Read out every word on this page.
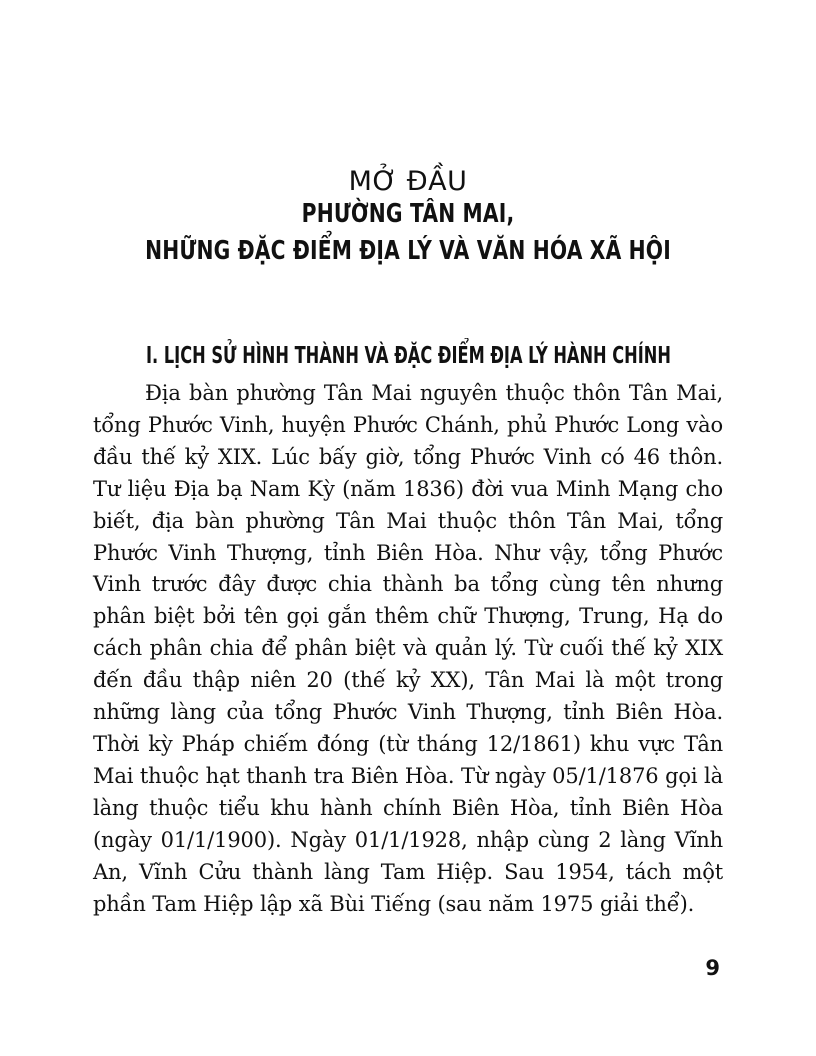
MỞ ĐẦU
PHƯỜNG TÂN MAI,
NHỮNG ĐẶC ĐIỂM ĐỊA LÝ VÀ VĂN HÓA XÃ HỘI
I. LỊCH SỬ HÌNH THÀNH VÀ ĐẶC ĐIỂM ĐỊA LÝ HÀNH CHÍNH

Địa bàn phường Tân Mai nguyên thuộc thôn Tân Mai, tổng Phước Vinh, huyện Phước Chánh, phủ Phước Long vào đầu thế kỷ XIX. Lúc bấy giờ, tổng Phước Vinh có 46 thôn. Tư liệu Địa bạ Nam Kỳ (năm 1836) đời vua Minh Mạng cho biết, địa bàn phường Tân Mai thuộc thôn Tân Mai, tổng Phước Vinh Thượng, tỉnh Biên Hòa. Như vậy, tổng Phước Vinh trước đây được chia thành ba tổng cùng tên nhưng phân biệt bởi tên gọi gắn thêm chữ Thượng, Trung, Hạ do cách phân chia để phân biệt và quản lý. Từ cuối thế kỷ XIX đến đầu thập niên 20 (thế kỷ XX), Tân Mai là một trong những làng của tổng Phước Vinh Thượng, tỉnh Biên Hòa. Thời kỳ Pháp chiếm đóng (từ tháng 12/1861) khu vực Tân Mai thuộc hạt thanh tra Biên Hòa. Từ ngày 05/1/1876 gọi là làng thuộc tiểu khu hành chính Biên Hòa, tỉnh Biên Hòa (ngày 01/1/1900). Ngày 01/1/1928, nhập cùng 2 làng Vĩnh An, Vĩnh Cửu thành làng Tam Hiệp. Sau 1954, tách một phần Tam Hiệp lập xã Bùi Tiếng (sau năm 1975 giải thể).

9
